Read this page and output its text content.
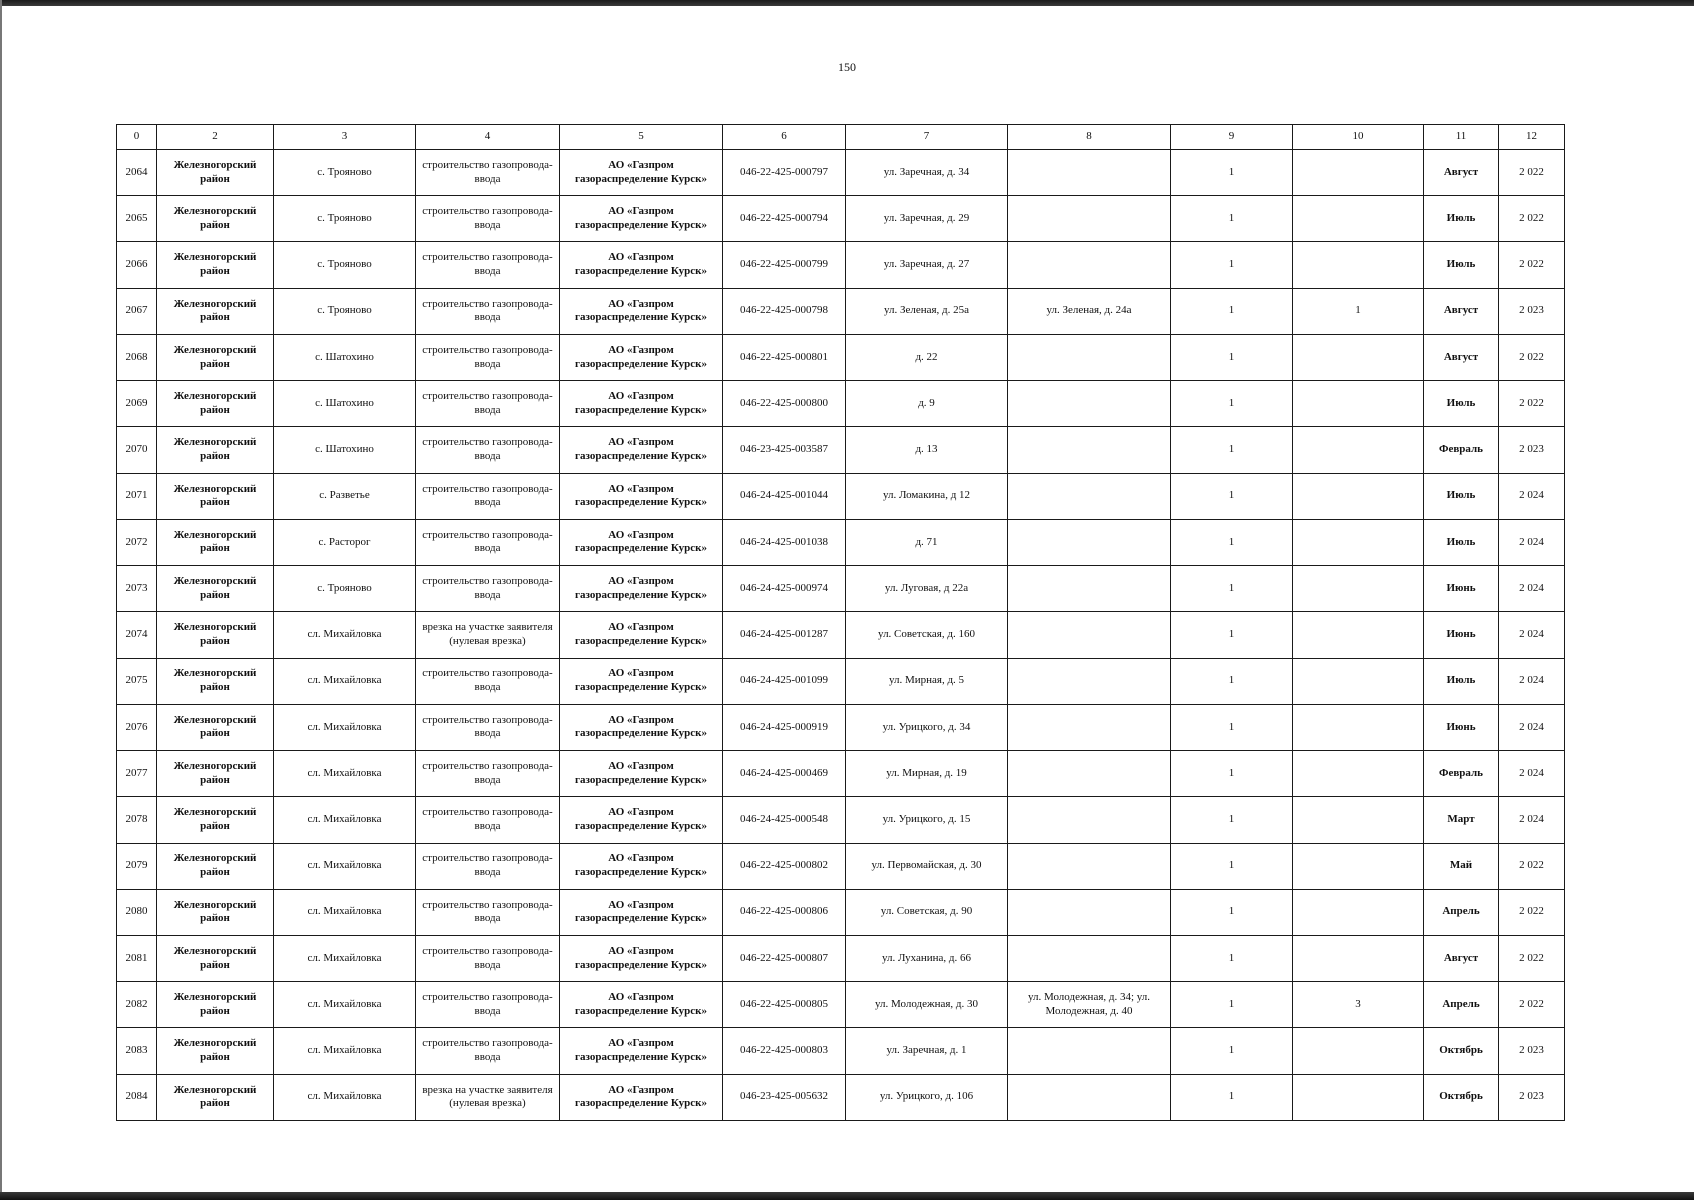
150
0	2	3	4	5	6	7	8	9	10	11	12
2064	Железногорский район	с. Трояново	строительство газопровода-ввода	АО «Газпром газораспределение Курск»	046-22-425-000797	ул. Заречная, д. 34		1		Август	2 022
2065	Железногорский район	с. Трояново	строительство газопровода-ввода	АО «Газпром газораспределение Курск»	046-22-425-000794	ул. Заречная, д. 29		1		Июль	2 022
2066	Железногорский район	с. Трояново	строительство газопровода-ввода	АО «Газпром газораспределение Курск»	046-22-425-000799	ул. Заречная, д. 27		1		Июль	2 022
2067	Железногорский район	с. Трояново	строительство газопровода-ввода	АО «Газпром газораспределение Курск»	046-22-425-000798	ул. Зеленая, д. 25а	ул. Зеленая, д. 24а	1	1	Август	2 023
2068	Железногорский район	с. Шатохино	строительство газопровода-ввода	АО «Газпром газораспределение Курск»	046-22-425-000801	д. 22		1		Август	2 022
2069	Железногорский район	с. Шатохино	строительство газопровода-ввода	АО «Газпром газораспределение Курск»	046-22-425-000800	д. 9		1		Июль	2 022
2070	Железногорский район	с. Шатохино	строительство газопровода-ввода	АО «Газпром газораспределение Курск»	046-23-425-003587	д. 13		1		Февраль	2 023
2071	Железногорский район	с. Разветье	строительство газопровода-ввода	АО «Газпром газораспределение Курск»	046-24-425-001044	ул. Ломакина, д 12		1		Июль	2 024
2072	Железногорский район	с. Расторог	строительство газопровода-ввода	АО «Газпром газораспределение Курск»	046-24-425-001038	д. 71		1		Июль	2 024
2073	Железногорский район	с. Трояново	строительство газопровода-ввода	АО «Газпром газораспределение Курск»	046-24-425-000974	ул. Луговая, д 22а		1		Июнь	2 024
2074	Железногорский район	сл. Михайловка	врезка на участке заявителя (нулевая врезка)	АО «Газпром газораспределение Курск»	046-24-425-001287	ул. Советская, д. 160		1		Июнь	2 024
2075	Железногорский район	сл. Михайловка	строительство газопровода-ввода	АО «Газпром газораспределение Курск»	046-24-425-001099	ул. Мирная, д. 5		1		Июль	2 024
2076	Железногорский район	сл. Михайловка	строительство газопровода-ввода	АО «Газпром газораспределение Курск»	046-24-425-000919	ул. Урицкого, д. 34		1		Июнь	2 024
2077	Железногорский район	сл. Михайловка	строительство газопровода-ввода	АО «Газпром газораспределение Курск»	046-24-425-000469	ул. Мирная, д. 19		1		Февраль	2 024
2078	Железногорский район	сл. Михайловка	строительство газопровода-ввода	АО «Газпром газораспределение Курск»	046-24-425-000548	ул. Урицкого, д. 15		1		Март	2 024
2079	Железногорский район	сл. Михайловка	строительство газопровода-ввода	АО «Газпром газораспределение Курск»	046-22-425-000802	ул. Первомайская, д. 30		1		Май	2 022
2080	Железногорский район	сл. Михайловка	строительство газопровода-ввода	АО «Газпром газораспределение Курск»	046-22-425-000806	ул. Советская, д. 90		1		Апрель	2 022
2081	Железногорский район	сл. Михайловка	строительство газопровода-ввода	АО «Газпром газораспределение Курск»	046-22-425-000807	ул. Луханина, д. 66		1		Август	2 022
2082	Железногорский район	сл. Михайловка	строительство газопровода-ввода	АО «Газпром газораспределение Курск»	046-22-425-000805	ул. Молодежная, д. 30	ул. Молодежная, д. 34; ул. Молодежная, д. 40	1	3	Апрель	2 022
2083	Железногорский район	сл. Михайловка	строительство газопровода-ввода	АО «Газпром газораспределение Курск»	046-22-425-000803	ул. Заречная, д. 1		1		Октябрь	2 023
2084	Железногорский район	сл. Михайловка	врезка на участке заявителя (нулевая врезка)	АО «Газпром газораспределение Курск»	046-23-425-005632	ул. Урицкого, д. 106		1		Октябрь	2 023
